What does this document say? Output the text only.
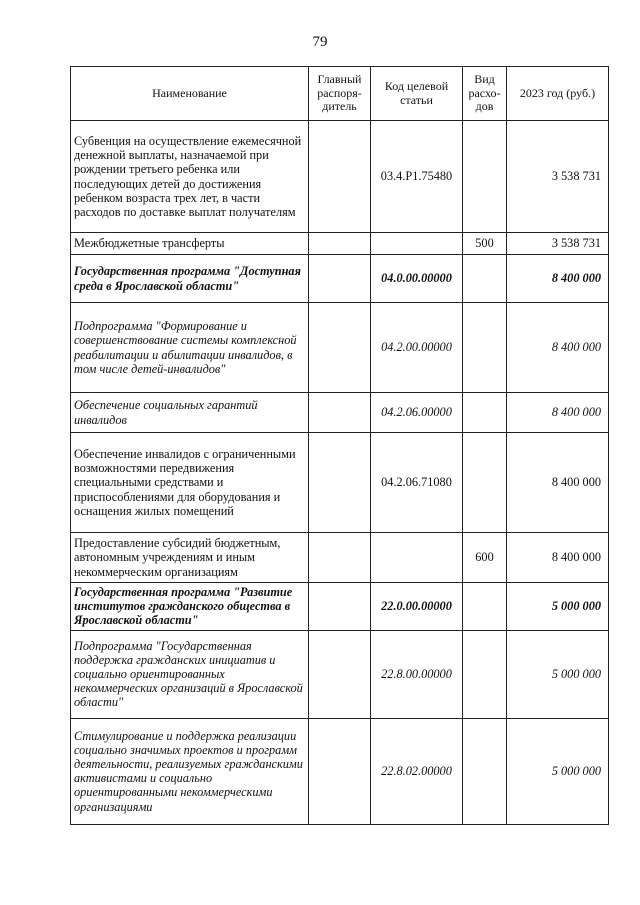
79
Наименование	Главный распоря-дитель	Код целевой статьи	Вид расхо-дов	2023 год (руб.)
Субвенция на осуществление ежемесячной денежной выплаты, назначаемой при рождении третьего ребенка или последующих детей до достижения ребенком возраста трех лет, в части расходов по доставке выплат получателям		03.4.P1.75480		3 538 731
Межбюджетные трансферты			500	3 538 731
Государственная программа "Доступная среда в Ярославской области"		04.0.00.00000		8 400 000
Подпрограмма "Формирование и совершенствование системы комплексной реабилитации и абилитации инвалидов, в том числе детей-инвалидов"		04.2.00.00000		8 400 000
Обеспечение социальных гарантий инвалидов		04.2.06.00000		8 400 000
Обеспечение инвалидов с ограниченными возможностями передвижения специальными средствами и приспособлениями для оборудования и оснащения жилых помещений		04.2.06.71080		8 400 000
Предоставление субсидий бюджетным, автономным учреждениям и иным некоммерческим организациям			600	8 400 000
Государственная программа "Развитие институтов гражданского общества в Ярославской области"		22.0.00.00000		5 000 000
Подпрограмма "Государственная поддержка гражданских инициатив и социально ориентированных некоммерческих организаций в Ярославской области"		22.8.00.00000		5 000 000
Стимулирование и поддержка реализации социально значимых проектов и программ деятельности, реализуемых гражданскими активистами и социально ориентированными некоммерческими организациями		22.8.02.00000		5 000 000
